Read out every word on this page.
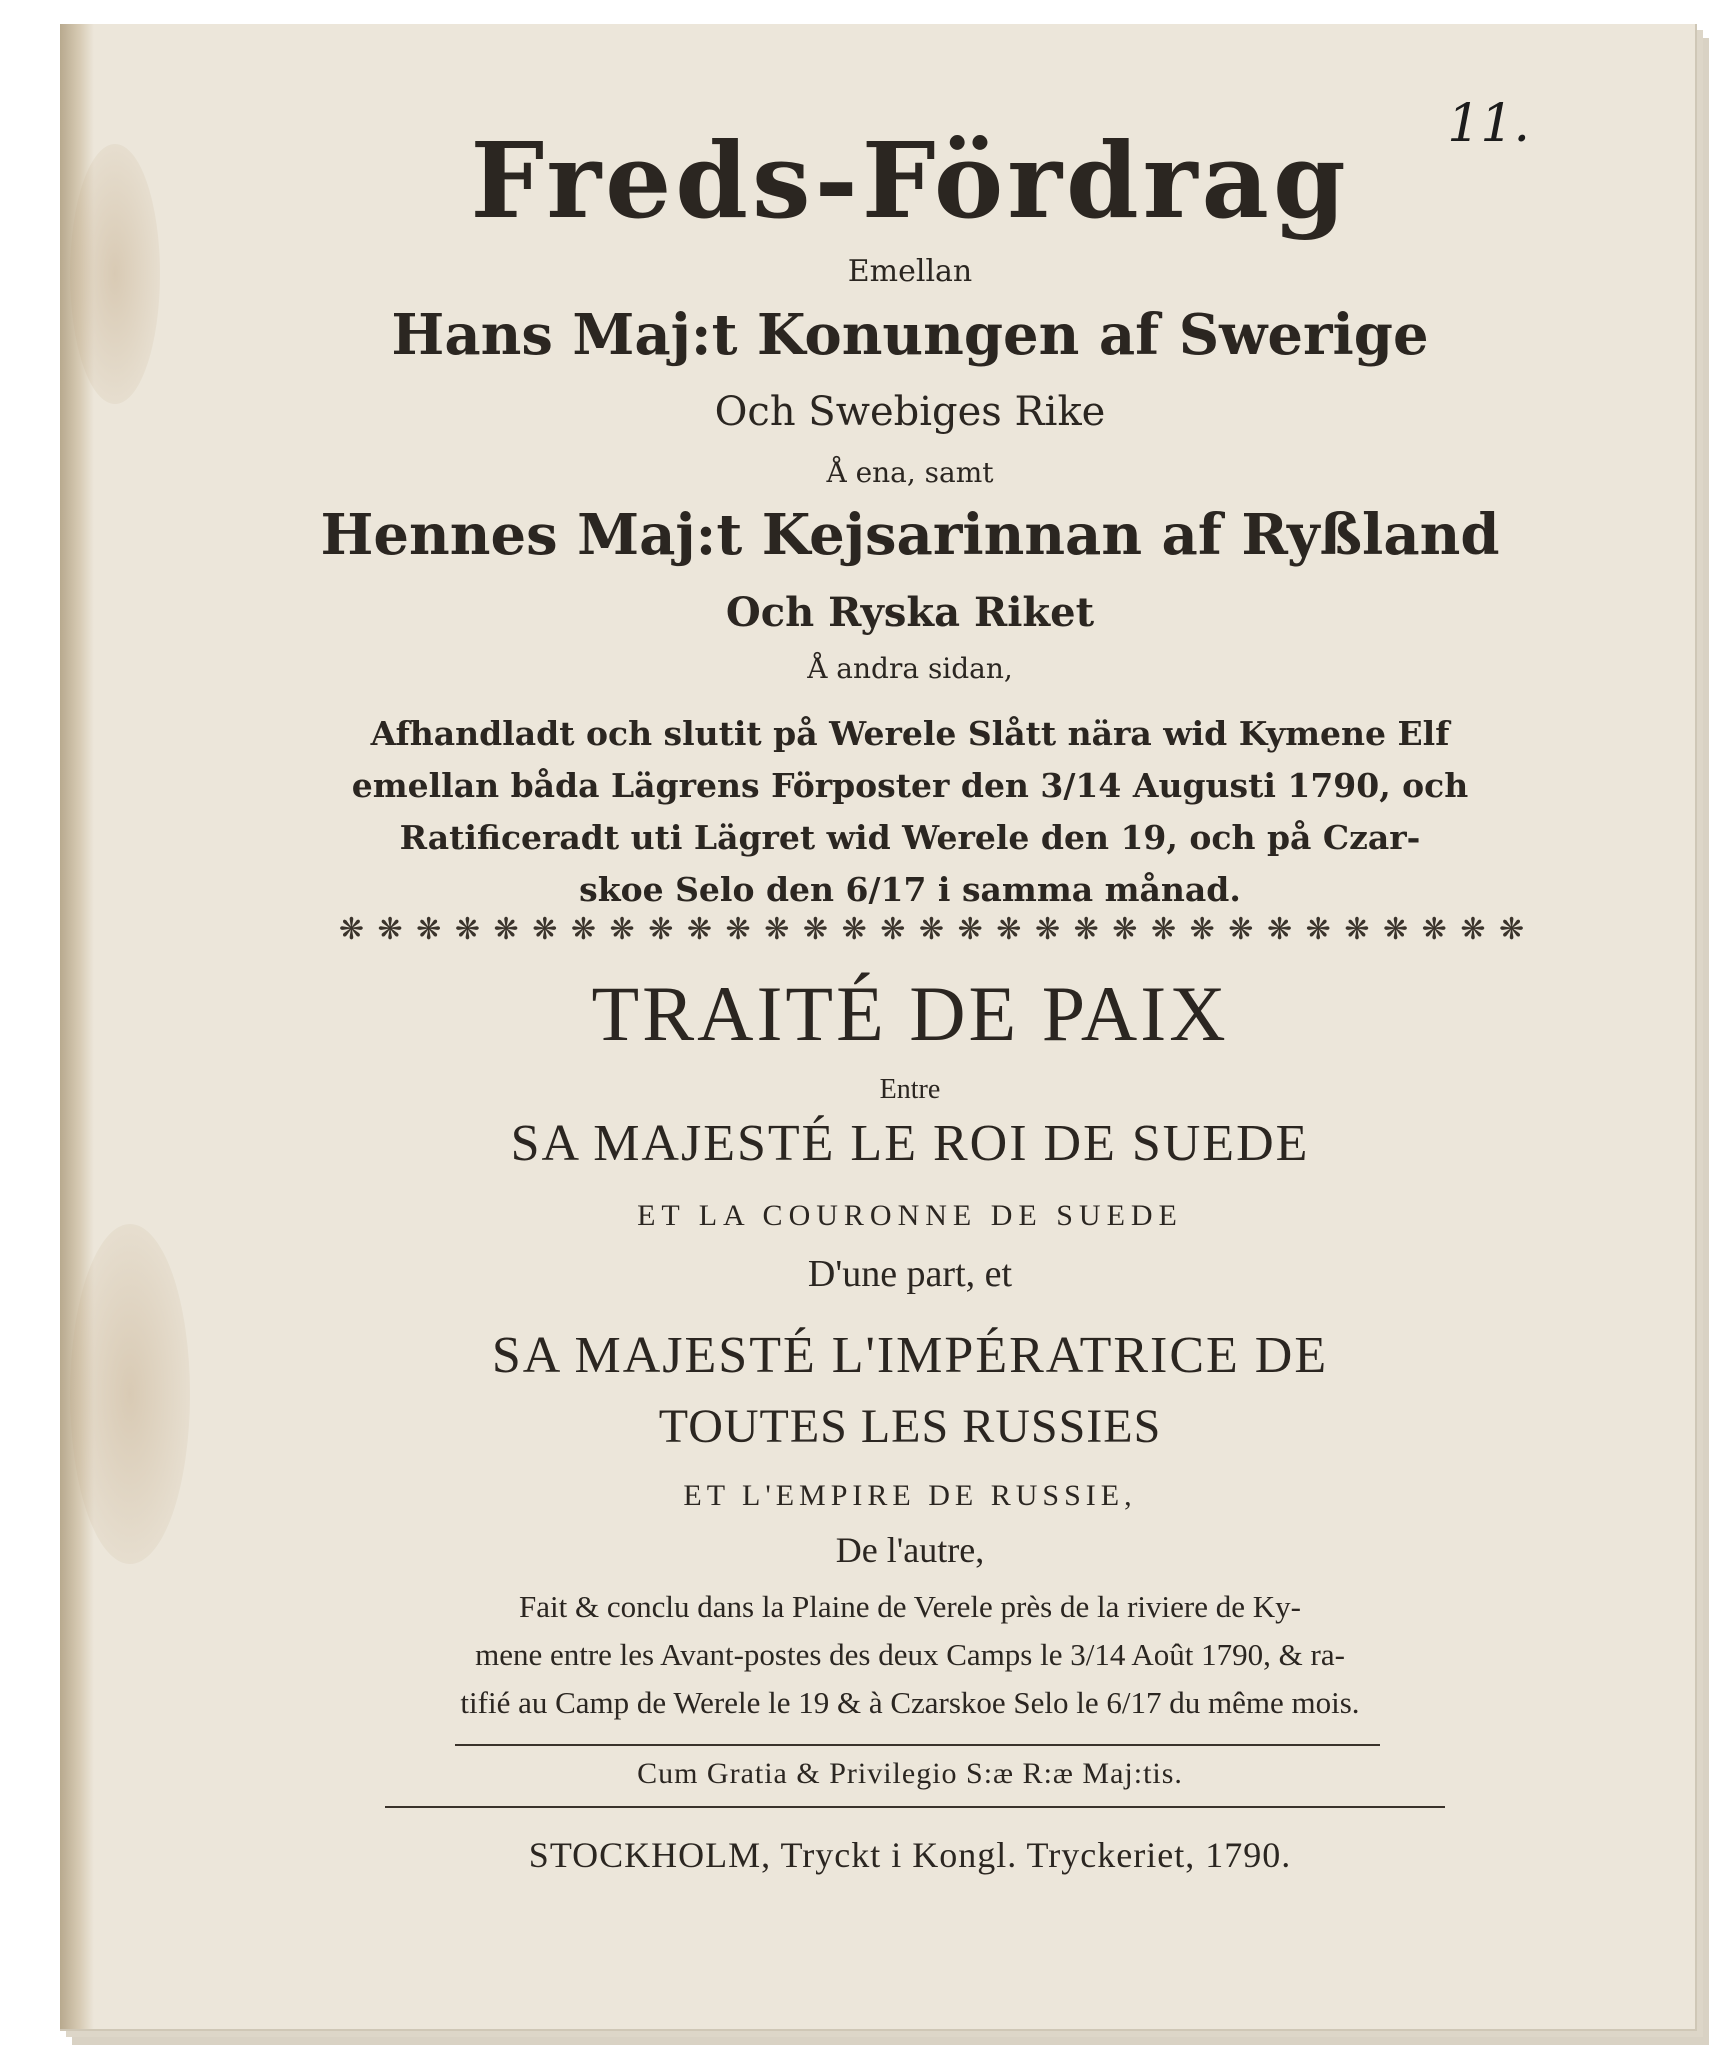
11.
Freds-Fördrag
Emellan
Hans Maj:t Konungen af Swerige
Och Swebiges Rike
Å ena, samt
Hennes Maj:t Kejsarinnan af Ryßland
Och Ryska Riket
Å andra sidan,
Afhandladt och slutit på Werele Slått nära wid Kymene Elf
emellan båda Lägrens Förposter den 3/14 Augusti 1790, och
Ratificeradt uti Lägret wid Werele den 19, och på Czar-
skoe Selo den 6/17 i samma månad.
❋ ❋ ❋ ❋ ❋ ❋ ❋ ❋ ❋ ❋ ❋ ❋ ❋ ❋ ❋ ❋ ❋ ❋ ❋ ❋ ❋ ❋ ❋ ❋ ❋ ❋ ❋ ❋ ❋ ❋ ❋
TRAITÉ DE PAIX
Entre
SA MAJESTÉ LE ROI DE SUEDE
ET LA COURONNE DE SUEDE
D'une part, et
SA MAJESTÉ L'IMPÉRATRICE DE
TOUTES LES RUSSIES
ET L'EMPIRE DE RUSSIE,
De l'autre,
Fait & conclu dans la Plaine de Verele près de la riviere de Ky-
mene entre les Avant-postes des deux Camps le 3/14 Août 1790, & ra-
tifié au Camp de Werele le 19 & à Czarskoe Selo le 6/17 du même mois.
Cum Gratia & Privilegio S:æ R:æ Maj:tis.
STOCKHOLM, Tryckt i Kongl. Tryckeriet, 1790.
